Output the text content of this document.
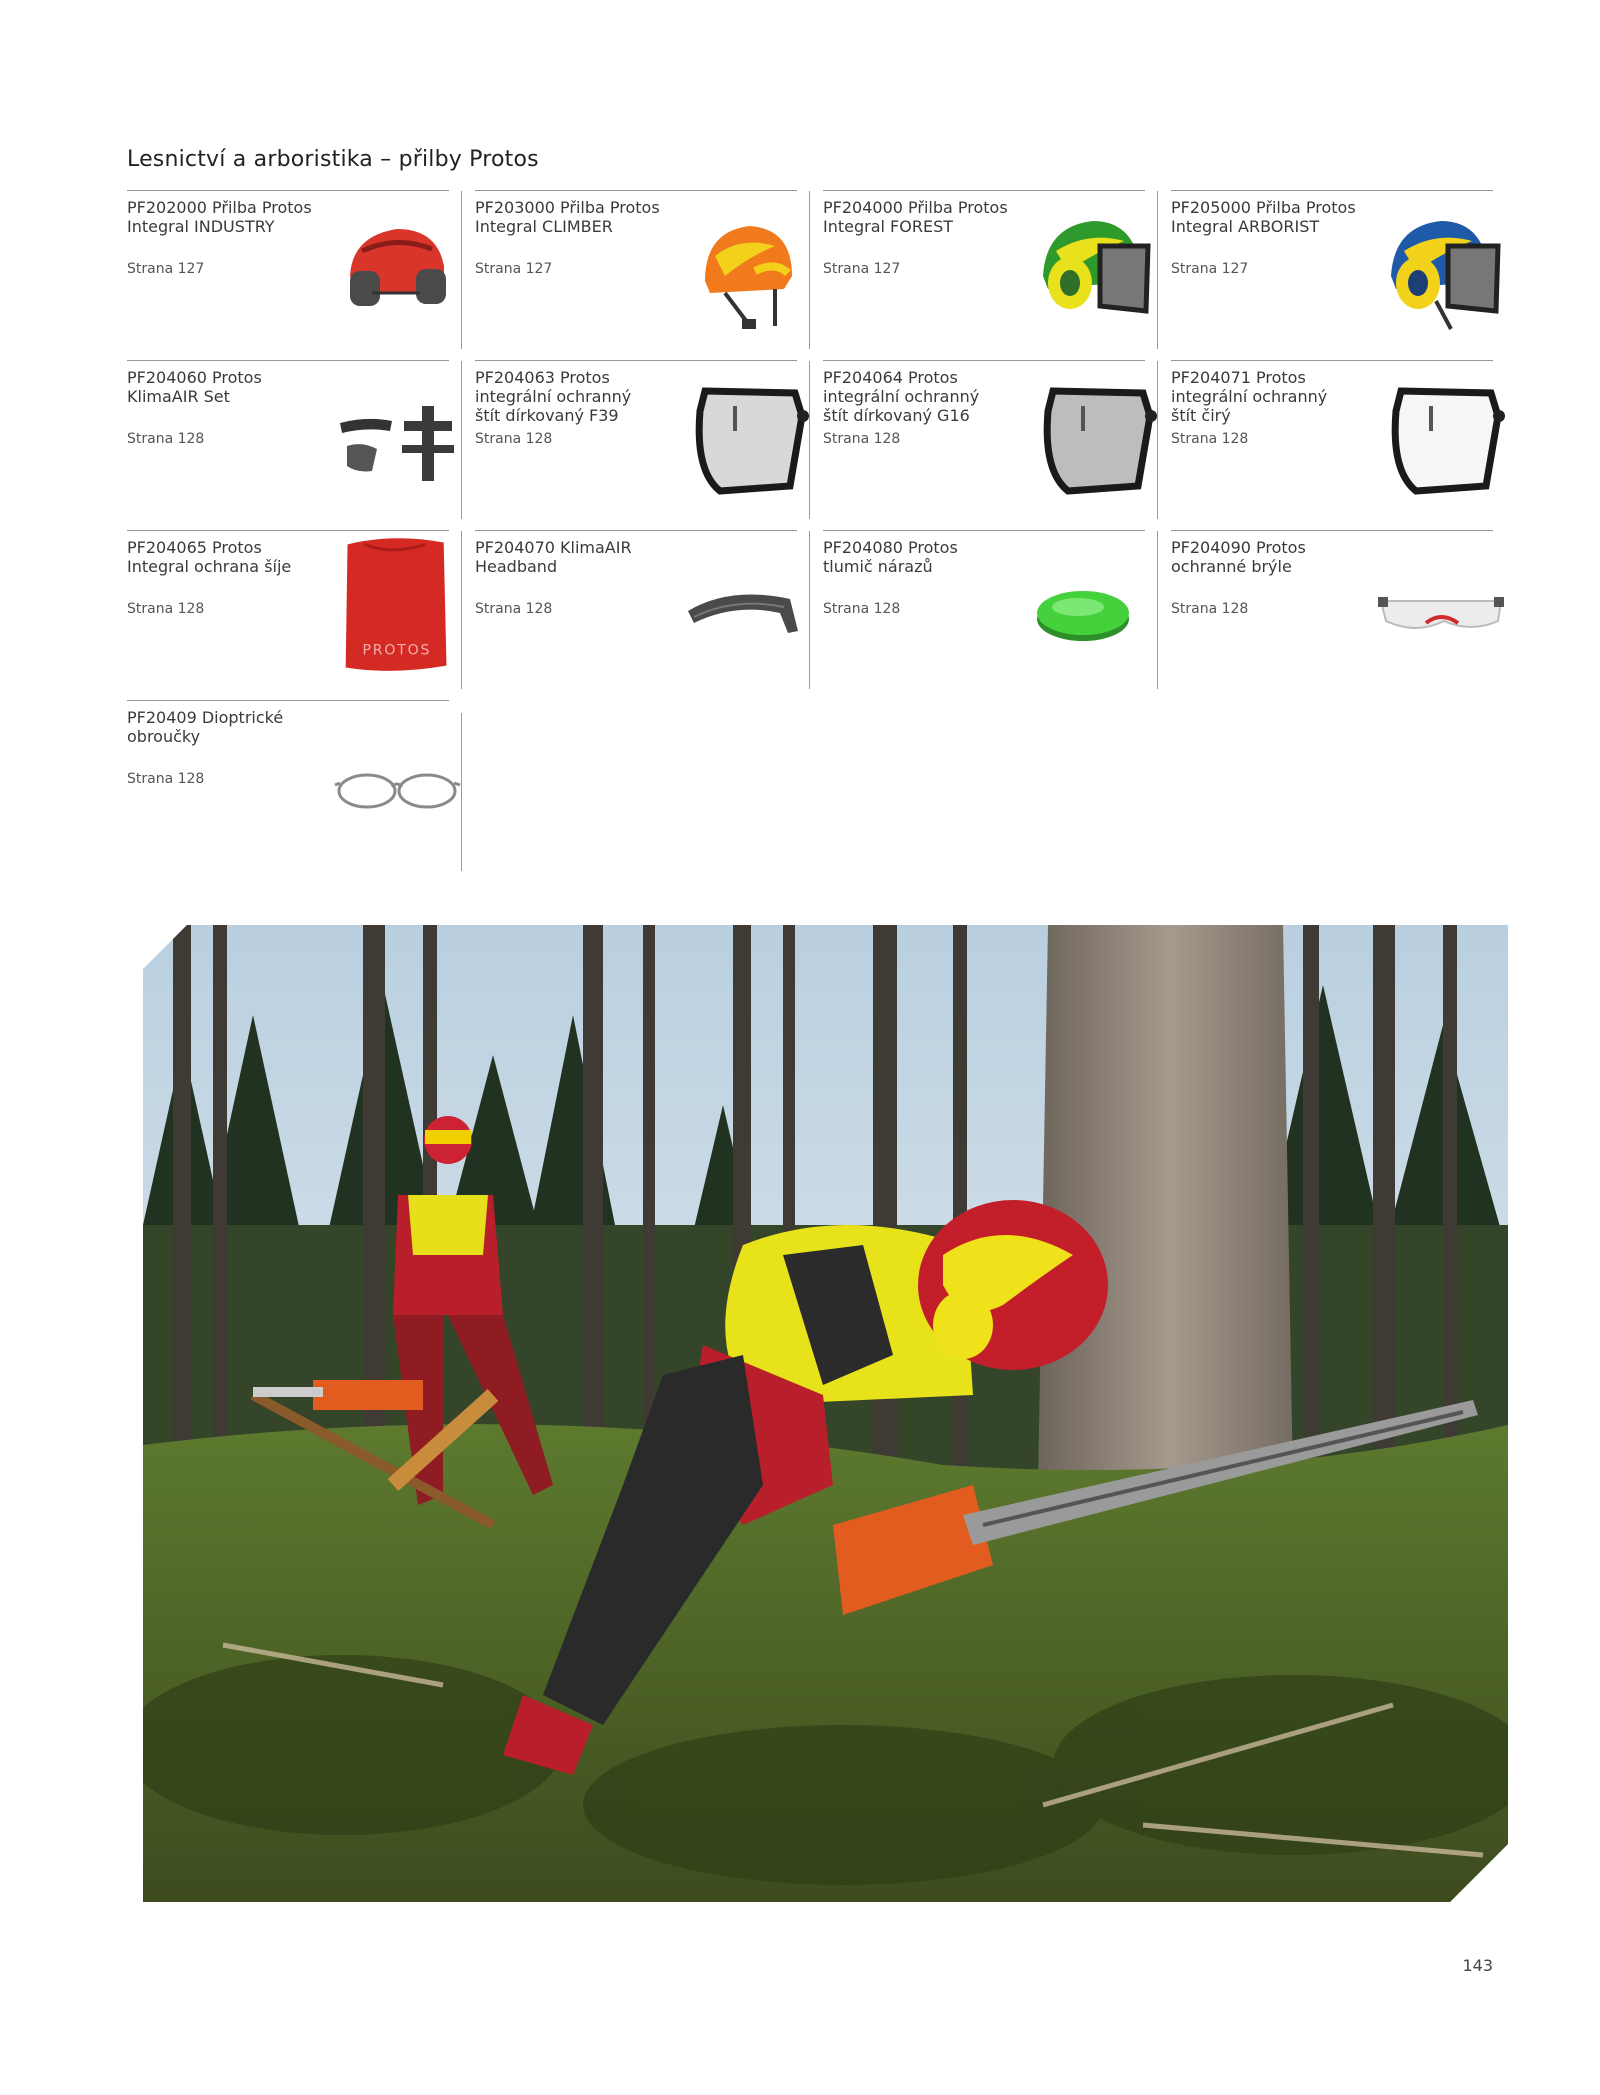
Lesnictví a arboristika – přilby Protos
PF202000 Přilba Protos
Integral INDUSTRY
Strana 127
PF203000 Přilba Protos
Integral CLIMBER
Strana 127
PF204000 Přilba Protos
Integral FOREST
Strana 127
PF205000 Přilba Protos
Integral ARBORIST
Strana 127
PF204060 Protos
KlimaAIR Set
Strana 128
PF204063 Protos
integrální ochranný
štít dírkovaný F39
Strana 128
PF204064 Protos
integrální ochranný
štít dírkovaný G16
Strana 128
PF204071 Protos
integrální ochranný
štít čirý
Strana 128
PF204065 Protos
Integral ochrana šíje
Strana 128
PROTOS
PF204070 KlimaAIR
Headband
Strana 128
PF204080 Protos
tlumič nárazů
Strana 128
PF204090 Protos
ochranné brýle
Strana 128
PF20409 Dioptrické
obroučky
Strana 128
143
